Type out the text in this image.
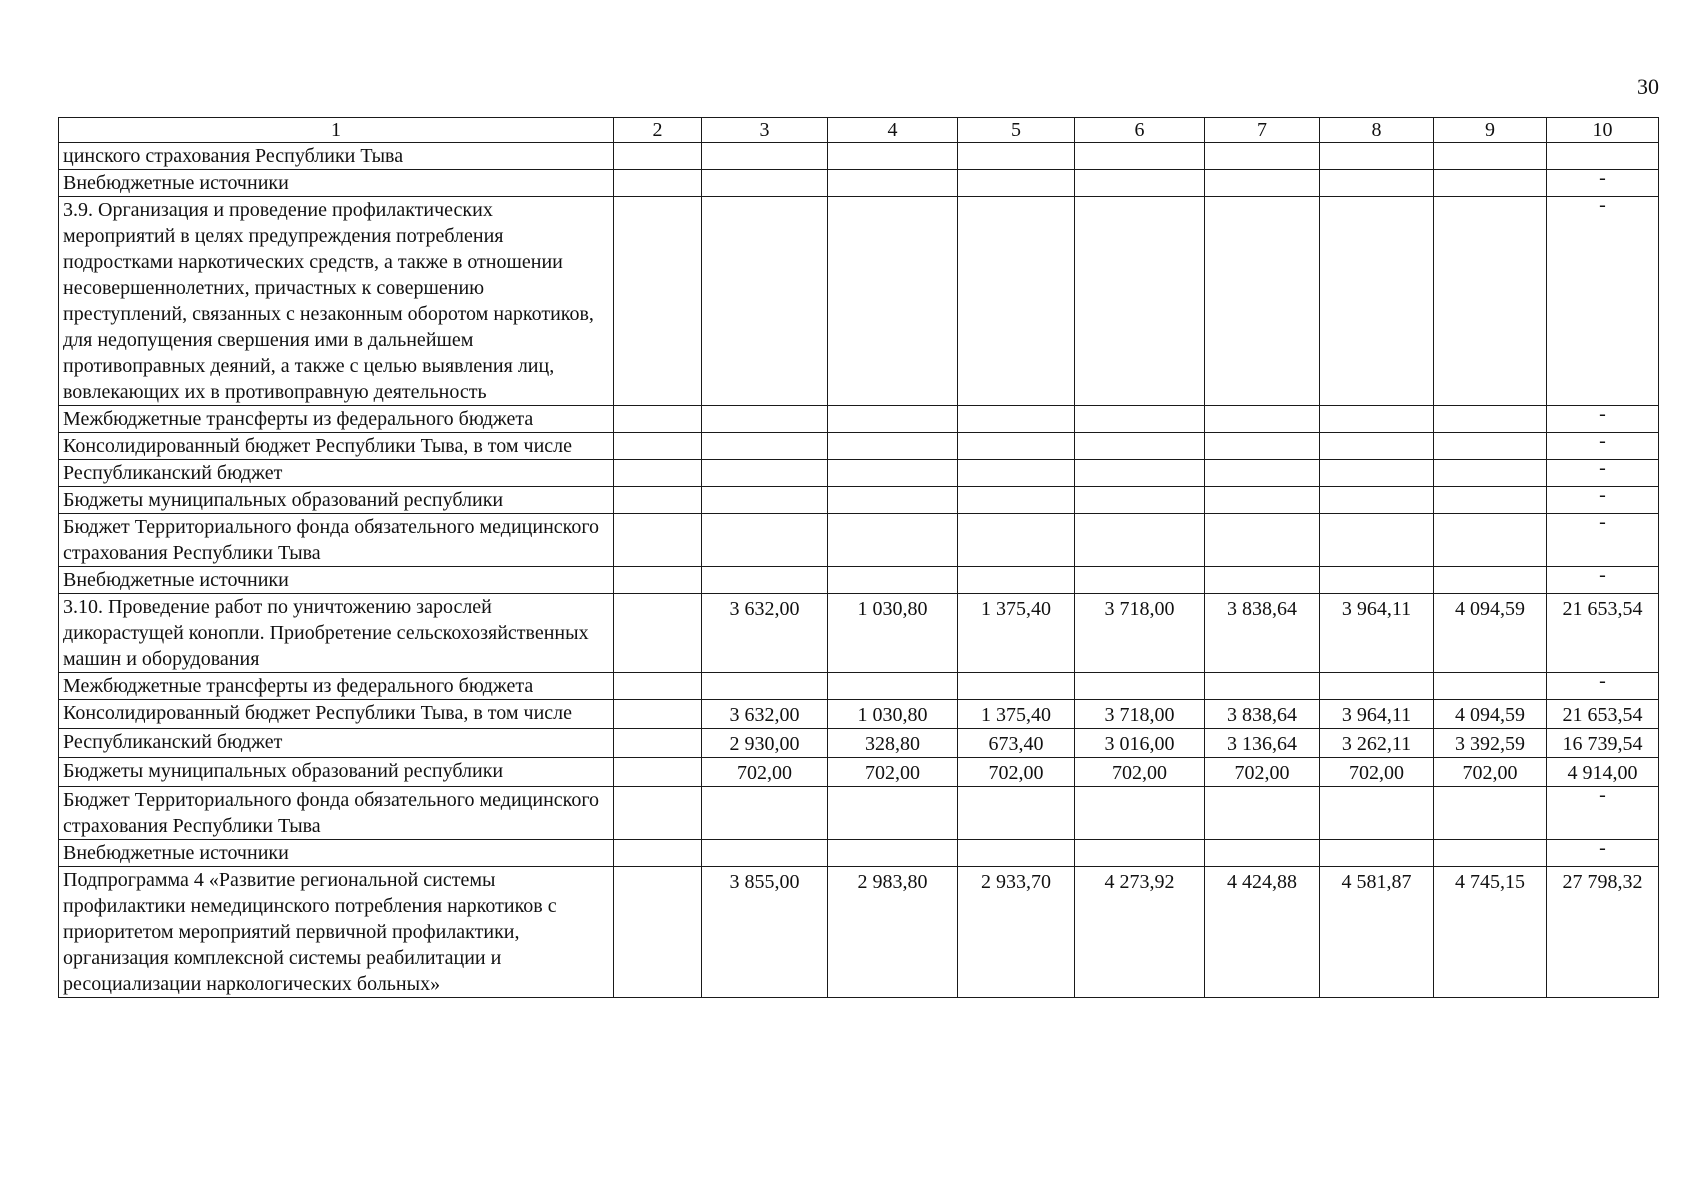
30
1	2	3	4	5	6	7	8	9	10
цинского страхования Республики Тыва									
Внебюджетные источники									-
3.9. Организация и проведение профилактических мероприятий в целях предупреждения потребления подростками наркотических средств, а также в отношении несовершеннолетних, причастных к совершению преступлений, связанных с незаконным оборотом наркотиков, для недопущения свершения ими в дальнейшем противоправных деяний, а также с целью выявления лиц, вовлекающих их в противоправную деятельность									-
Межбюджетные трансферты из федерального бюджета									-
Консолидированный бюджет Республики Тыва, в том числе									-
Республиканский бюджет									-
Бюджеты муниципальных образований республики									-
Бюджет Территориального фонда обязательного медицинского страхования Республики Тыва									-
Внебюджетные источники									-
3.10. Проведение работ по уничтожению зарослей дикорастущей конопли. Приобретение сельскохозяйственных машин и оборудования		3 632,00	1 030,80	1 375,40	3 718,00	3 838,64	3 964,11	4 094,59	21 653,54
Межбюджетные трансферты из федерального бюджета									-
Консолидированный бюджет Республики Тыва, в том числе		3 632,00	1 030,80	1 375,40	3 718,00	3 838,64	3 964,11	4 094,59	21 653,54
Республиканский бюджет		2 930,00	328,80	673,40	3 016,00	3 136,64	3 262,11	3 392,59	16 739,54
Бюджеты муниципальных образований республики		702,00	702,00	702,00	702,00	702,00	702,00	702,00	4 914,00
Бюджет Территориального фонда обязательного медицинского страхования Республики Тыва									-
Внебюджетные источники									-
Подпрограмма 4 «Развитие региональной системы профилактики немедицинского потребления наркотиков с приоритетом мероприятий первичной профилактики, организация комплексной системы реабилитации и ресоциализации наркологических больных»		3 855,00	2 983,80	2 933,70	4 273,92	4 424,88	4 581,87	4 745,15	27 798,32
